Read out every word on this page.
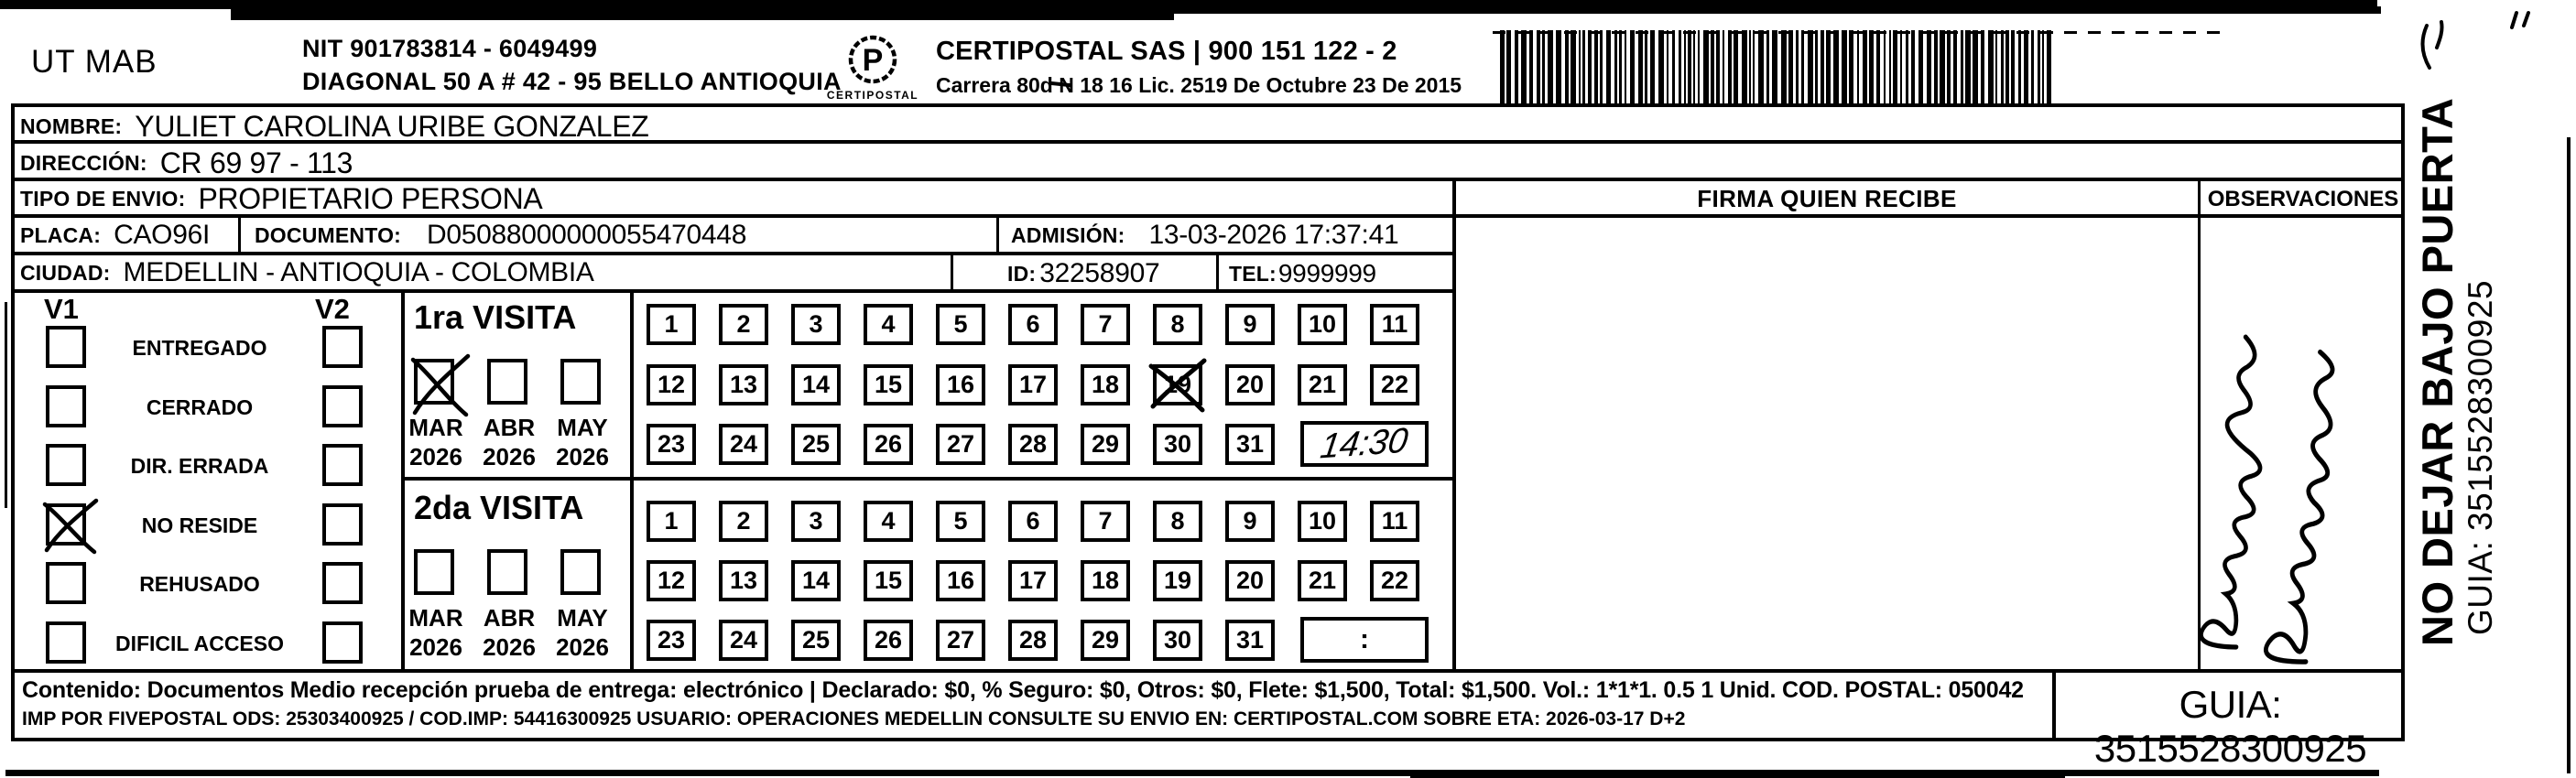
UT MAB	NIT 901783814 - 6049499
DIAGONAL 50 A # 42 - 95 BELLO ANTIOQUIA
P
CERTIPOSTAL
CERTIPOSTAL SAS | 900 151 122 - 2
Carrera 80d N 18 16 Lic. 2519 De Octubre 23 De 2015
NOMBRE: YULIET CAROLINA URIBE GONZALEZ
DIRECCIÓN: CR 69 97 - 113
TIPO DE ENVIO: PROPIETARIO PERSONA
PLACA: CAO96I DOCUMENTO: D05088000000055470448	ADMISIÓN: 13-03-2026 17:37:41
CIUDAD: MEDELLIN - ANTIOQUIA - COLOMBIA	ID: 32258907	TEL: 9999999
V1	V2
ENTREGADO
CERRADO
DIR. ERRADA
NO RESIDE
REHUSADO
DIFICIL ACCESO
1ra VISITA
MAR
2026
ABR
2026
MAY
2026
1	2	3	4	5	6	7	8	9	10	11
12	13	14	15	16	17	18	19	20	21	22
23	24	25	26	27	28	29	30	31	14:30
2da VISITA
MAR
2026
ABR
2026
MAY
2026
1	2	3	4	5	6	7	8	9	10	11
12	13	14	15	16	17	18	19	20	21	22
23	24	25	26	27	28	29	30	31	:
FIRMA QUIEN RECIBE	OBSERVACIONES
Contenido: Documentos Medio recepción prueba de entrega: electrónico | Declarado: $0, % Seguro: $0, Otros: $0, Flete: $1,500, Total: $1,500. Vol.: 1*1*1. 0.5 1 Unid. COD. POSTAL: 050042
IMP POR FIVEPOSTAL ODS: 25303400925 / COD.IMP: 54416300925 USUARIO: OPERACIONES MEDELLIN CONSULTE SU ENVIO EN: CERTIPOSTAL.COM SOBRE ETA: 2026-03-17 D+2	GUIA: 3515528300925
NO DEJAR BAJO PUERTA GUIA: 3515528300925
